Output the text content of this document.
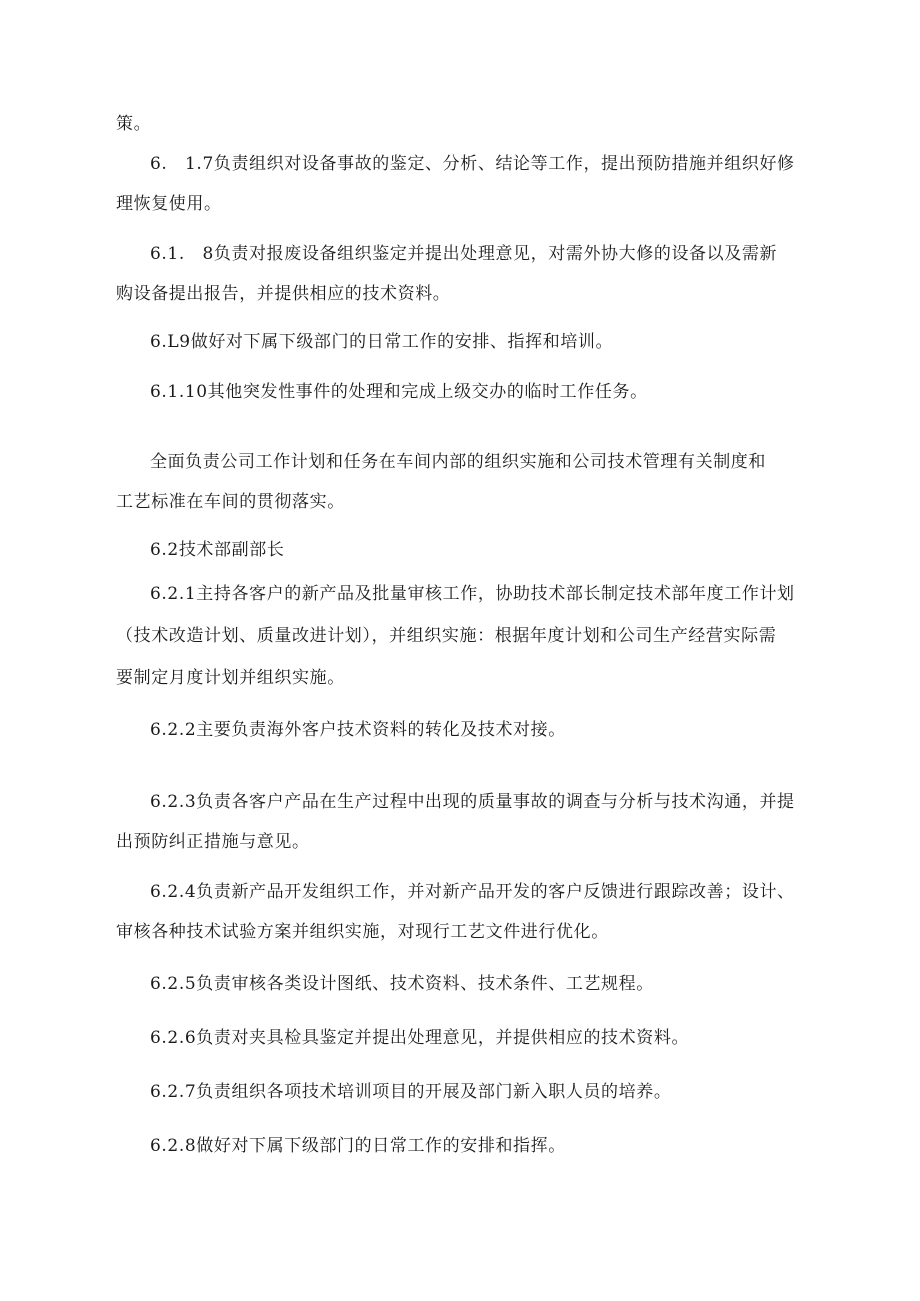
策。
6.　1.7负责组织对设备事故的鉴定、分析、结论等工作，提出预防措施并组织好修
理恢复使用。
6.1.　8负责对报废设备组织鉴定并提出处理意见，对需外协大修的设备以及需新
购设备提出报告，并提供相应的技术资料。
6.L9做好对下属下级部门的日常工作的安排、指挥和培训。
6.1.10其他突发性事件的处理和完成上级交办的临时工作任务。
全面负责公司工作计划和任务在车间内部的组织实施和公司技术管理有关制度和
工艺标准在车间的贯彻落实。
6.2技术部副部长
6.2.1主持各客户的新产品及批量审核工作，协助技术部长制定技术部年度工作计划
（技术改造计划、质量改进计划），并组织实施：根据年度计划和公司生产经营实际需
要制定月度计划并组织实施。
6.2.2主要负责海外客户技术资料的转化及技术对接。
6.2.3负责各客户产品在生产过程中出现的质量事故的调查与分析与技术沟通，并提
出预防纠正措施与意见。
6.2.4负责新产品开发组织工作，并对新产品开发的客户反馈进行跟踪改善；设计、
审核各种技术试验方案并组织实施，对现行工艺文件进行优化。
6.2.5负责审核各类设计图纸、技术资料、技术条件、工艺规程。
6.2.6负责对夹具检具鉴定并提出处理意见，并提供相应的技术资料。
6.2.7负责组织各项技术培训项目的开展及部门新入职人员的培养。
6.2.8做好对下属下级部门的日常工作的安排和指挥。
